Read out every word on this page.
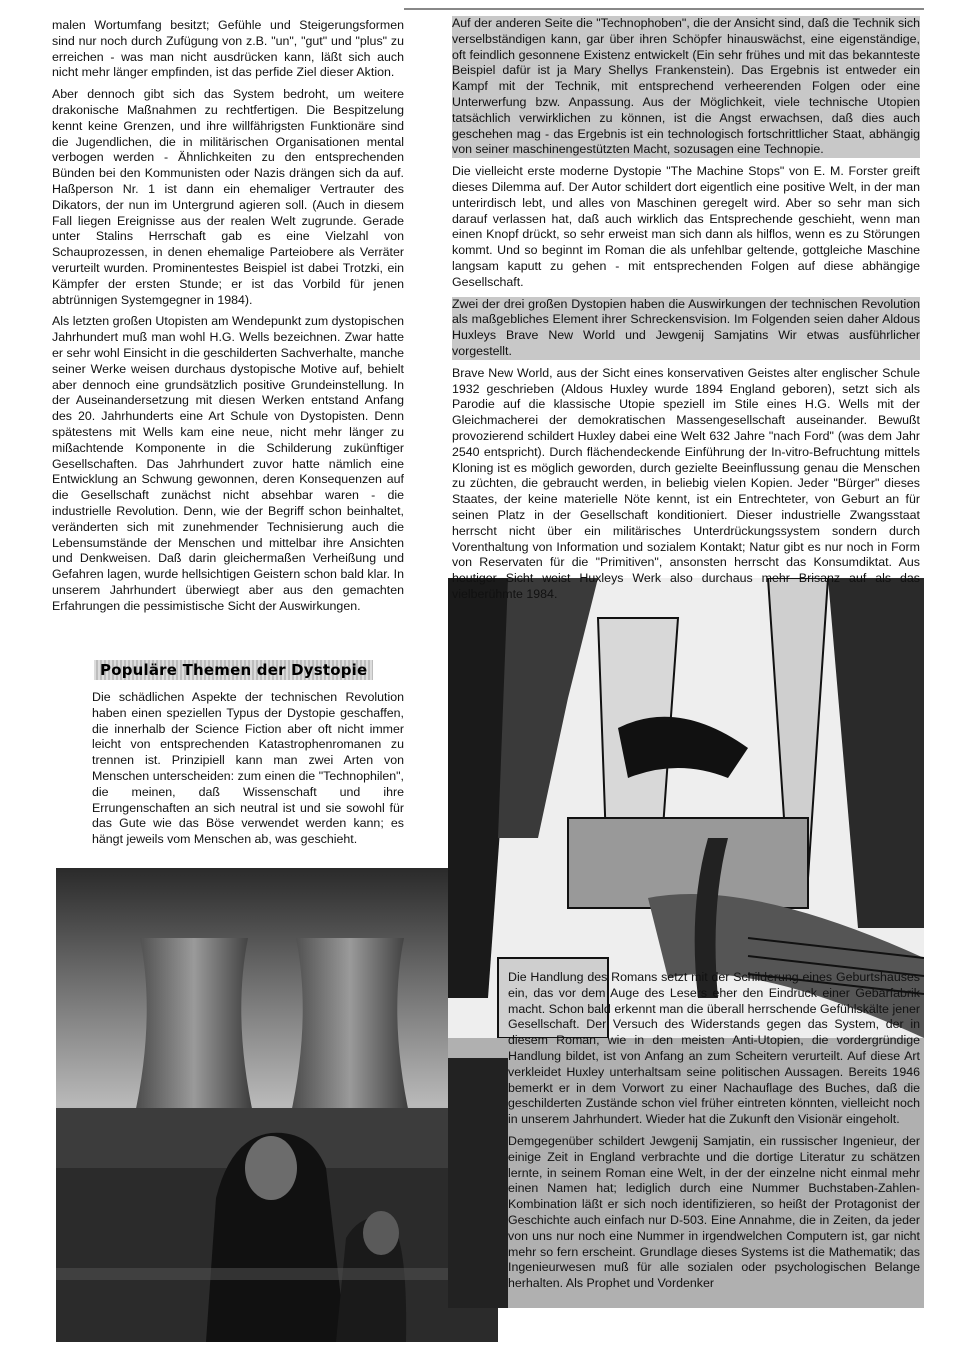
malen Wortumfang besitzt; Gefühle und Steigerungsformen sind nur noch durch Zufügung von z.B. "un", "gut" und "plus" zu erreichen - was man nicht ausdrücken kann, läßt sich auch nicht mehr länger empfinden, ist das perfide Ziel dieser Aktion.

Aber dennoch gibt sich das System bedroht, um weitere drakonische Maßnahmen zu rechtfertigen. Die Bespitzelung kennt keine Grenzen, und ihre willfährigsten Funktionäre sind die Jugendlichen, die in militärischen Organisationen mental verbogen werden - Ähnlichkeiten zu den entsprechenden Bünden bei den Kommunisten oder Nazis drängen sich da auf. Haßperson Nr. 1 ist dann ein ehemaliger Vertrauter des Dikators, der nun im Untergrund agieren soll. (Auch in diesem Fall liegen Ereignisse aus der realen Welt zugrunde. Gerade unter Stalins Herrschaft gab es eine Vielzahl von Schauprozessen, in denen ehemalige Parteiobere als Verräter verurteilt wurden. Prominentestes Beispiel ist dabei Trotzki, ein Kämpfer der ersten Stunde; er ist das Vorbild für jenen abtrünnigen Systemgegner in 1984).

Als letzten großen Utopisten am Wendepunkt zum dystopischen Jahrhundert muß man wohl H.G. Wells bezeichnen. Zwar hatte er sehr wohl Einsicht in die geschilderten Sachverhalte, manche seiner Werke weisen durchaus dystopische Motive auf, behielt aber dennoch eine grundsätzlich positive Grundeinstellung. In der Auseinandersetzung mit diesen Werken entstand Anfang des 20. Jahrhunderts eine Art Schule von Dystopisten. Denn spätestens mit Wells kam eine neue, nicht mehr länger zu mißachtende Komponente in die Schilderung zukünftiger Gesellschaften. Das Jahrhundert zuvor hatte nämlich eine Entwicklung an Schwung gewonnen, deren Konsequenzen auf die Gesellschaft zunächst nicht absehbar waren - die industrielle Revolution. Denn, wie der Begriff schon beinhaltet, veränderten sich mit zunehmender Technisierung auch die Lebensumstände der Menschen und mittelbar ihre Ansichten und Denkweisen. Daß darin gleichermaßen Verheißung und Gefahren lagen, wurde hellsichtigen Geistern schon bald klar. In unserem Jahrhundert überwiegt aber aus den gemachten Erfahrungen die pessimistische Sicht der Auswirkungen.

Populäre Themen der Dystopie

Die schädlichen Aspekte der technischen Revolution haben einen speziellen Typus der Dystopie geschaffen, die innerhalb der Science Fiction aber oft nicht immer leicht von entsprechenden Katastrophenromanen zu trennen ist. Prinzipiell kann man zwei Arten von Menschen unterscheiden: zum einen die "Technophilen", die meinen, daß Wissenschaft und ihre Errungenschaften an sich neutral ist und sie sowohl für das Gute wie das Böse verwendet werden kann; es hängt jeweils vom Menschen ab, was geschieht.

Auf der anderen Seite die "Technophoben", die der Ansicht sind, daß die Technik sich verselbständigen kann, gar über ihren Schöpfer hinauswächst, eine eigenständige, oft feindlich gesonnene Existenz entwickelt (Ein sehr frühes und mit das bekannteste Beispiel dafür ist ja Mary Shellys Frankenstein). Das Ergebnis ist entweder ein Kampf mit der Technik, mit entsprechend verheerenden Folgen oder eine Unterwerfung bzw. Anpassung. Aus der Möglichkeit, viele technische Utopien tatsächlich verwirklichen zu können, ist die Angst erwachsen, daß dies auch geschehen mag - das Ergebnis ist ein technologisch fortschrittlicher Staat, abhängig von seiner maschinengestützten Macht, sozusagen eine Technopie.

Die vielleicht erste moderne Dystopie "The Machine Stops" von E. M. Forster greift dieses Dilemma auf. Der Autor schildert dort eigentlich eine positive Welt, in der man unterirdisch lebt, und alles von Maschinen geregelt wird. Aber so sehr man sich darauf verlassen hat, daß auch wirklich das Entsprechende geschieht, wenn man einen Knopf drückt, so sehr erweist man sich dann als hilflos, wenn es zu Störungen kommt. Und so beginnt im Roman die als unfehlbar geltende, gottgleiche Maschine langsam kaputt zu gehen - mit entsprechenden Folgen auf diese abhängige Gesellschaft.

Zwei der drei großen Dystopien haben die Auswirkungen der technischen Revolution als maßgebliches Element ihrer Schreckensvision. Im Folgenden seien daher Aldous Huxleys Brave New World und Jewgenij Samjatins Wir etwas ausführlicher vorgestellt.

Brave New World, aus der Sicht eines konservativen Geistes alter englischer Schule 1932 geschrieben (Aldous Huxley wurde 1894 England geboren), setzt sich als Parodie auf die klassische Utopie speziell im Stile eines H.G. Wells mit der Gleichmacherei der demokratischen Massengesellschaft auseinander. Bewußt provozierend schildert Huxley dabei eine Welt 632 Jahre "nach Ford" (was dem Jahr 2540 entspricht). Durch flächendeckende Einführung der In-vitro-Befruchtung mittels Kloning ist es möglich geworden, durch gezielte Beeinflussung genau die Menschen zu züchten, die gebraucht werden, in beliebig vielen Kopien. Jeder "Bürger" dieses Staates, der keine materielle Nöte kennt, ist ein Entrechteter, von Geburt an für seinen Platz in der Gesellschaft konditioniert. Dieser industrielle Zwangsstaat herrscht nicht über ein militärisches Unterdrückungssystem sondern durch Vorenthaltung von Information und sozialem Kontakt; Natur gibt es nur noch in Form von Reservaten für die "Primitiven", ansonsten herrscht das Konsumdiktat. Aus heutiger Sicht weist Huxleys Werk also durchaus mehr Brisanz auf als das vielberühmte 1984.

Die Handlung des Romans setzt mit der Schilderung eines Geburtshauses ein, das vor dem Auge des Lesers eher den Eindruck einer Gebärfabrik macht. Schon bald erkennt man die überall herrschende Gefühlskälte jener Gesellschaft. Der Versuch des Widerstands gegen das System, der in diesem Roman, wie in den meisten Anti-Utopien, die vordergründige Handlung bildet, ist von Anfang an zum Scheitern verurteilt. Auf diese Art verkleidet Huxley unterhaltsam seine politischen Aussagen. Bereits 1946 bemerkt er in dem Vorwort zu einer Nachauflage des Buches, daß die geschilderten Zustände schon viel früher eintreten könnten, vielleicht noch in unserem Jahrhundert. Wieder hat die Zukunft den Visionär eingeholt.

Demgegenüber schildert Jewgenij Samjatin, ein russischer Ingenieur, der einige Zeit in England verbrachte und die dortige Literatur zu schätzen lernte, in seinem Roman eine Welt, in der der einzelne nicht einmal mehr einen Namen hat; lediglich durch eine Nummer Buchstaben-Zahlen-Kombination läßt er sich noch identifizieren, so heißt der Protagonist der Geschichte auch einfach nur D-503. Eine Annahme, die in Zeiten, da jeder von uns nur noch eine Nummer in irgendwelchen Computern ist, gar nicht mehr so fern erscheint. Grundlage dieses Systems ist die Mathematik; das Ingenieurwesen muß für alle sozialen oder psychologischen Belange herhalten. Als Prophet und Vordenker
